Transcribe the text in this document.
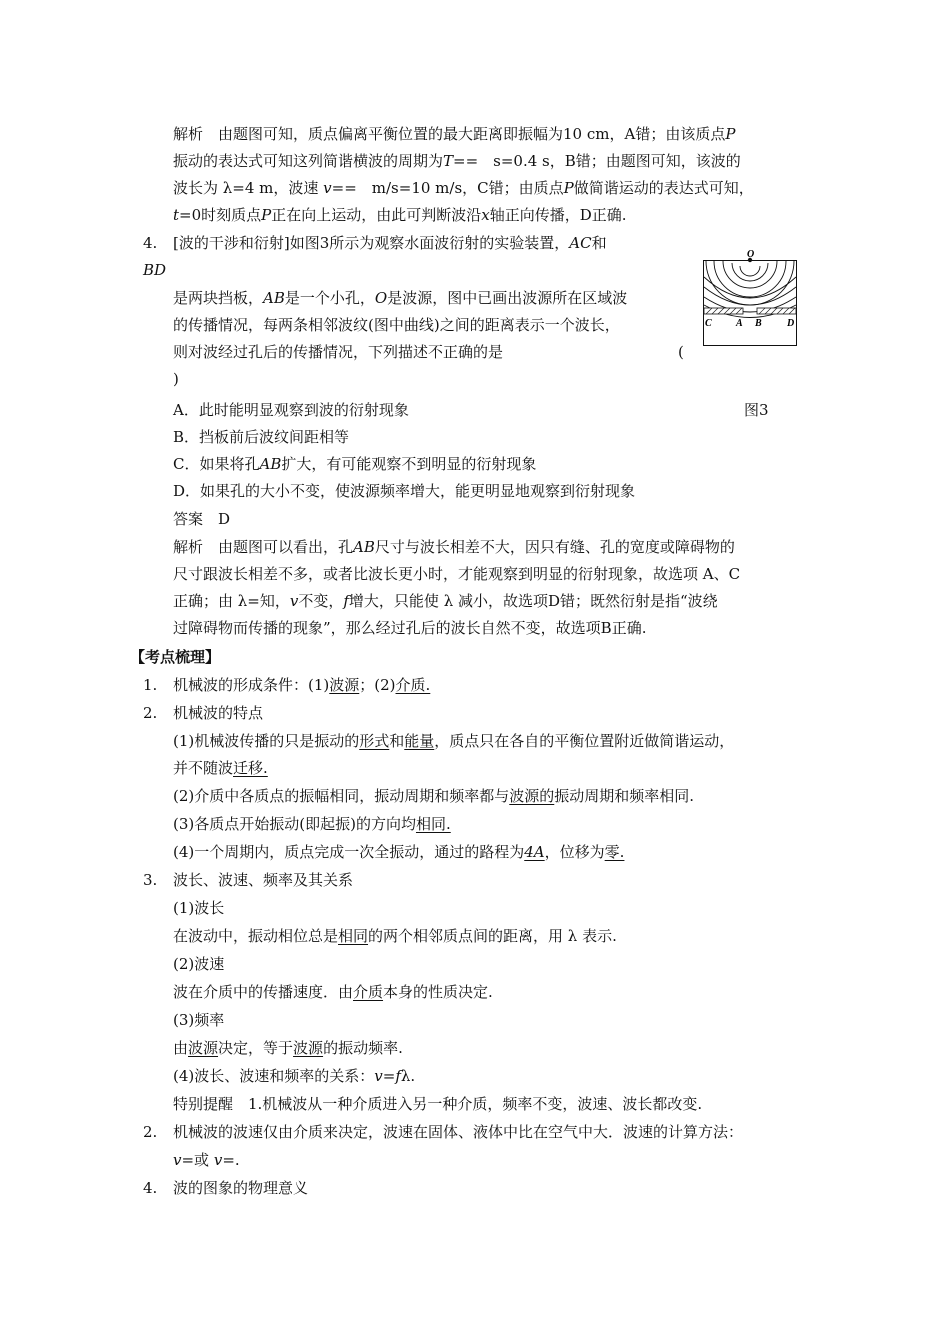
解析　由题图可知，质点偏离平衡位置的最大距离即振幅为10 cm，A错；由该质点P
振动的表达式可知这列简谐横波的周期为T==　s=0.4 s，B错；由题图可知，该波的
波长为 λ=4 m，波速 v==　m/s=10 m/s，C错；由质点P做简谐运动的表达式可知，
t=0时刻质点P正在向上运动，由此可判断波沿x轴正向传播，D正确.
4. [波的干涉和衍射]如图3所示为观察水面波衍射的实验装置，AC和
BD
是两块挡板，AB是一个小孔，O是波源，图中已画出波源所在区域波
的传播情况，每两条相邻波纹(图中曲线)之间的距离表示一个波长，
则对波经过孔后的传播情况，下列描述不正确的是	(
)
O
C A B	D
A．此时能明显观察到波的衍射现象	图3
B．挡板前后波纹间距相等
C．如果将孔AB扩大，有可能观察不到明显的衍射现象
D．如果孔的大小不变，使波源频率增大，能更明显地观察到衍射现象
答案　D
解析　由题图可以看出，孔AB尺寸与波长相差不大，因只有缝、孔的宽度或障碍物的
尺寸跟波长相差不多，或者比波长更小时，才能观察到明显的衍射现象，故选项 A、C
正确；由 λ=知，v不变，f增大，只能使 λ 减小，故选项D错；既然衍射是指“波绕
过障碍物而传播的现象”，那么经过孔后的波长自然不变，故选项B正确.
【考点梳理】
1. 机械波的形成条件：(1)波源；(2)介质.
2. 机械波的特点
(1)机械波传播的只是振动的形式和能量，质点只在各自的平衡位置附近做简谐运动，
并不随波迁移.
(2)介质中各质点的振幅相同，振动周期和频率都与波源的振动周期和频率相同.
(3)各质点开始振动(即起振)的方向均相同.
(4)一个周期内，质点完成一次全振动，通过的路程为4A，位移为零.
3. 波长、波速、频率及其关系
(1)波长
在波动中，振动相位总是相同的两个相邻质点间的距离，用 λ 表示.
(2)波速
波在介质中的传播速度．由介质本身的性质决定.
(3)频率
由波源决定，等于波源的振动频率.
(4)波长、波速和频率的关系：v=fλ.
特别提醒　1.机械波从一种介质进入另一种介质，频率不变，波速、波长都改变.
2. 机械波的波速仅由介质来决定，波速在固体、液体中比在空气中大．波速的计算方法：
v=或 v=.
4. 波的图象的物理意义
